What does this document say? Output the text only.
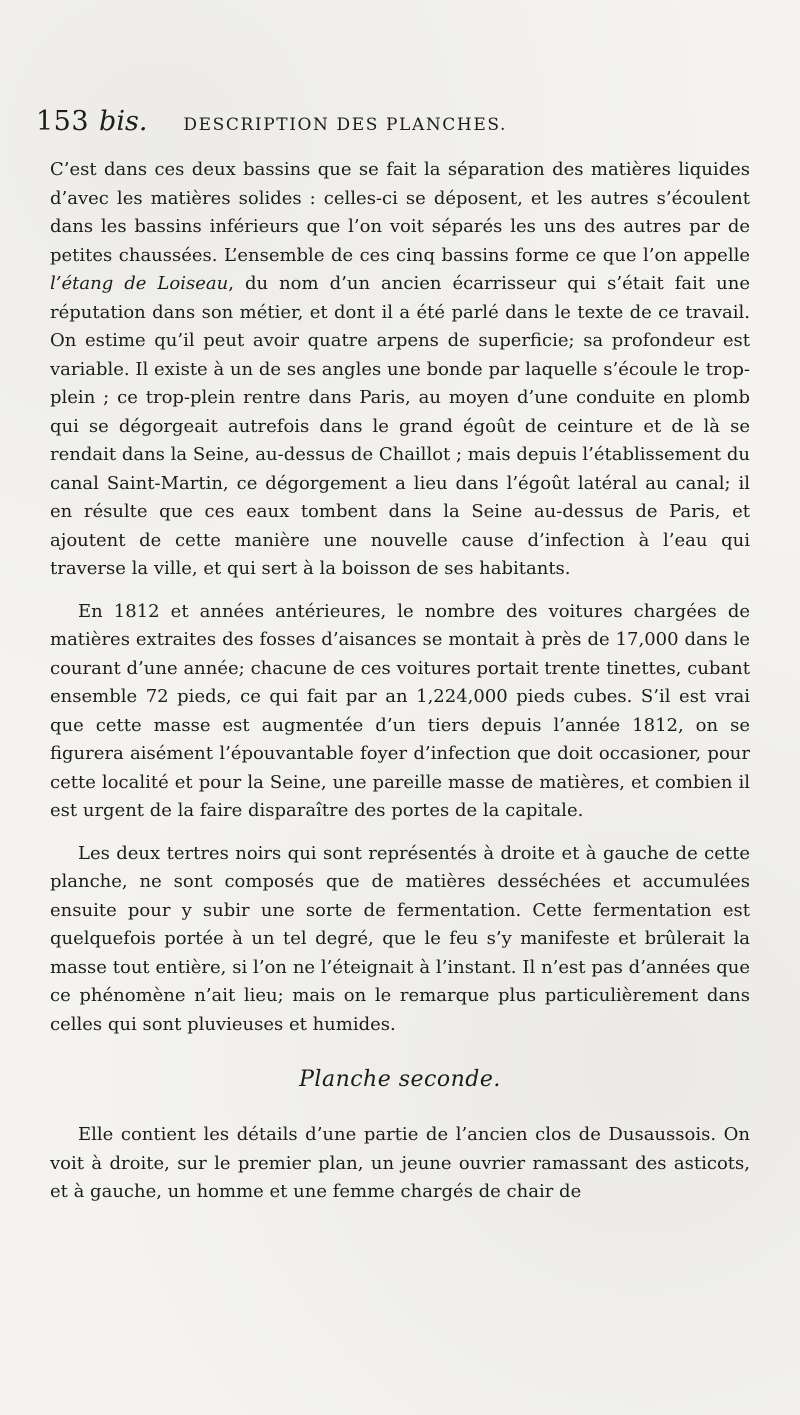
153 bis. DESCRIPTION DES PLANCHES.

C’est dans ces deux bassins que se fait la séparation des matières liquides d’avec les matières solides : celles-ci se déposent, et les autres s’écoulent dans les bassins inférieurs que l’on voit séparés les uns des autres par de petites chaussées. L’ensemble de ces cinq bassins forme ce que l’on appelle l’étang de Loiseau, du nom d’un ancien écarrisseur qui s’était fait une réputation dans son métier, et dont il a été parlé dans le texte de ce travail. On estime qu’il peut avoir quatre arpens de superficie; sa profondeur est variable. Il existe à un de ses angles une bonde par laquelle s’écoule le trop-plein ; ce trop-plein rentre dans Paris, au moyen d’une conduite en plomb qui se dégorgeait autrefois dans le grand égoût de ceinture et de là se rendait dans la Seine, au-dessus de Chaillot ; mais depuis l’établissement du canal Saint-Martin, ce dégorgement a lieu dans l’égoût latéral au canal; il en résulte que ces eaux tombent dans la Seine au-dessus de Paris, et ajoutent de cette manière une nouvelle cause d’infection à l’eau qui traverse la ville, et qui sert à la boisson de ses habitants.

En 1812 et années antérieures, le nombre des voitures chargées de matières extraites des fosses d’aisances se montait à près de 17,000 dans le courant d’une année; chacune de ces voitures portait trente tinettes, cubant ensemble 72 pieds, ce qui fait par an 1,224,000 pieds cubes. S’il est vrai que cette masse est augmentée d’un tiers depuis l’année 1812, on se figurera aisément l’épouvantable foyer d’infection que doit occasioner, pour cette localité et pour la Seine, une pareille masse de matières, et combien il est urgent de la faire disparaître des portes de la capitale.

Les deux tertres noirs qui sont représentés à droite et à gauche de cette planche, ne sont composés que de matières desséchées et accumulées ensuite pour y subir une sorte de fermentation. Cette fermentation est quelquefois portée à un tel degré, que le feu s’y manifeste et brûlerait la masse tout entière, si l’on ne l’éteignait à l’instant. Il n’est pas d’années que ce phénomène n’ait lieu; mais on le remarque plus particulièrement dans celles qui sont pluvieuses et humides.

Planche seconde.

Elle contient les détails d’une partie de l’ancien clos de Dusaussois. On voit à droite, sur le premier plan, un jeune ouvrier ramassant des asticots, et à gauche, un homme et une femme chargés de chair de
